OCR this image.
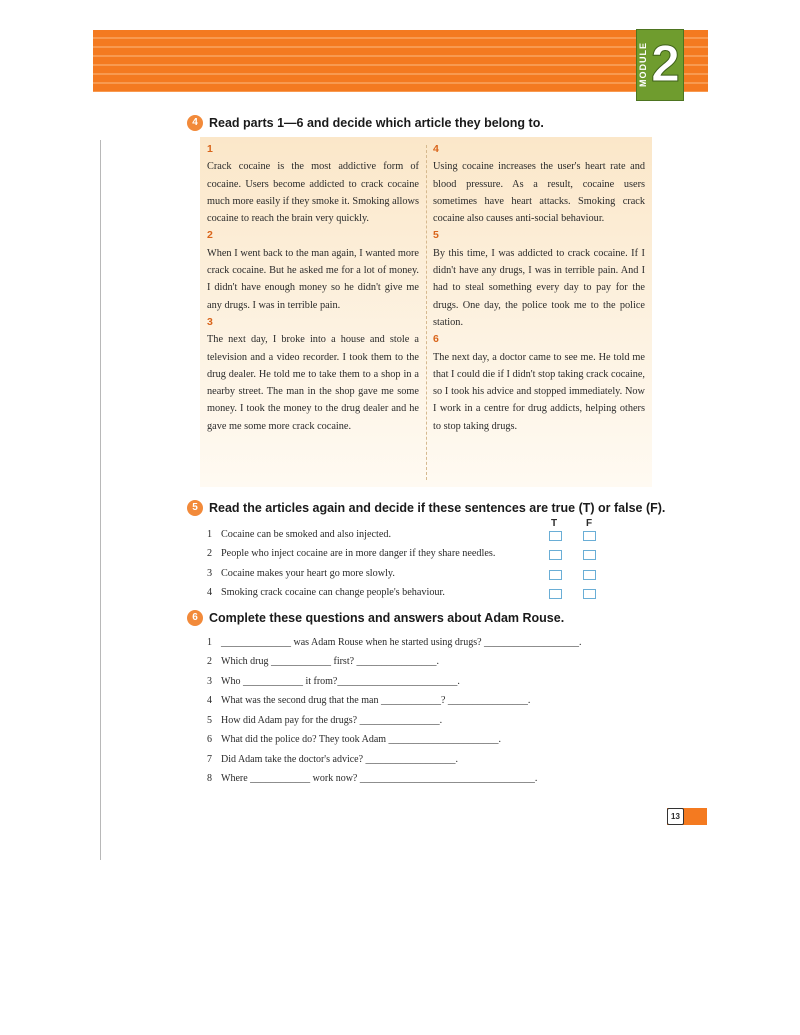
MODULE 2
4 Read parts 1—6 and decide which article they belong to.
1
Crack cocaine is the most addictive form of cocaine. Users become addicted to crack cocaine much more easily if they smoke it. Smoking allows cocaine to reach the brain very quickly.
2
When I went back to the man again, I wanted more crack cocaine. But he asked me for a lot of money. I didn't have enough money so he didn't give me any drugs. I was in terrible pain.
3
The next day, I broke into a house and stole a television and a video recorder. I took them to the drug dealer. He told me to take them to a shop in a nearby street. The man in the shop gave me some money. I took the money to the drug dealer and he gave me some more crack cocaine.
4
Using cocaine increases the user's heart rate and blood pressure. As a result, cocaine users sometimes have heart attacks. Smoking crack cocaine also causes anti-social behaviour.
5
By this time, I was addicted to crack cocaine. If I didn't have any drugs, I was in terrible pain. And I had to steal something every day to pay for the drugs. One day, the police took me to the police station.
6
The next day, a doctor came to see me. He told me that I could die if I didn't stop taking crack cocaine, so I took his advice and stopped immediately. Now I work in a centre for drug addicts, helping others to stop taking drugs.
5 Read the articles again and decide if these sentences are true (T) or false (F).
T	F
1 Cocaine can be smoked and also injected.
2 People who inject cocaine are in more danger if they share needles.
3 Cocaine makes your heart go more slowly.
4 Smoking crack cocaine can change people's behaviour.
6 Complete these questions and answers about Adam Rouse.
1 ______________ was Adam Rouse when he started using drugs? ___________________.
2 Which drug ____________ first? ________________.
3 Who ____________ it from?________________________.
4 What was the second drug that the man ____________? ________________.
5 How did Adam pay for the drugs? ________________.
6 What did the police do? They took Adam ______________________.
7 Did Adam take the doctor's advice? __________________.
8 Where ____________ work now? ___________________________________.
13
